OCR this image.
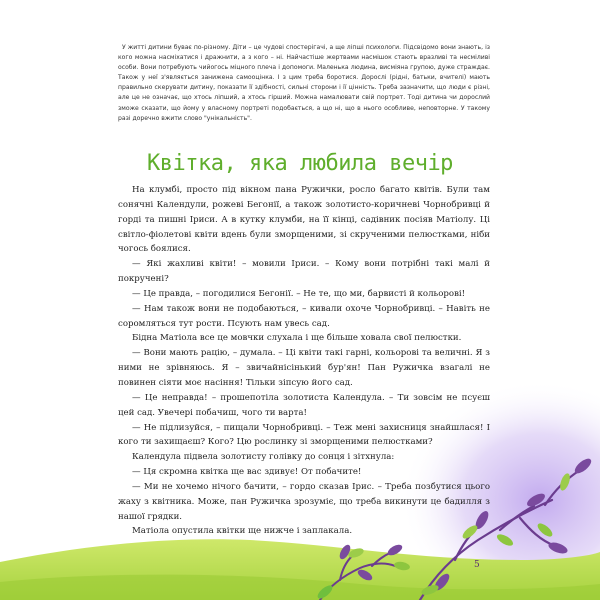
У житті дитини буває по-різному. Діти – це чудові спостерігачі, а ще ліпші психологи. Підсвідомо вони знають, із кого можна насміхатися і дражнити, а з кого – ні. Найчастіше жертвами насмішок стають вразливі та несміливі особи. Вони потребують чийогось міцного плеча і допомоги. Маленька людина, висміяна групою, дуже страждає. Також у неї з'являється занижена самооцінка. І з цим треба боротися. Дорослі (рідні, батьки, вчителі) мають правильно скерувати дитину, показати її здібності, сильні сторони і її цінність. Треба зазначити, що люди є різні, але це не означає, що хтось ліпший, а хтось гірший. Можна намалювати свій портрет. Тоді дитина чи дорослий зможе сказати, що йому у власному портреті подобається, а що ні, що в нього особливе, неповторне. У такому разі доречно вжити слово "унікальність".
Квітка, яка любила вечір

На клумбі, просто під вікном пана Ружички, росло багато квітів. Були там сонячні Календули, рожеві Бегонії, а також золотисто-коричневі Чорнобривці й горді та пишні Іриси. А в кутку клумби, на її кінці, садівник посіяв Матіолу. Ці світло-фіолетові квіти вдень були зморщеними, зі скрученими пелюстками, ніби чогось боялися.

— Які жахливі квіти! – мовили Іриси. – Кому вони потрібні такі малі й покручені?

— Це правда, – погодилися Бегонії. – Не те, що ми, барвисті й кольорові!

— Нам також вони не подобаються, – кивали охоче Чорнобривці. – Навіть не соромляться тут рости. Псують нам увесь сад.

Бідна Матіола все це мовчки слухала і ще більше ховала свої пелюстки.

— Вони мають рацію, – думала. – Ці квіти такі гарні, кольорові та величні. Я з ними не зрівняюсь. Я – звичайнісінький бур'ян! Пан Ружичка взагалі не повинен сіяти моє насіння! Тільки зіпсую його сад.

— Це неправда! – прошепотіла золотиста Календула. – Ти зовсім не псуєш цей сад. Увечері побачиш, чого ти варта!

— Не підлизуйся, – пищали Чорнобривці. – Теж мені захисниця знайшлася! І кого ти захищаєш? Кого? Цю рослинку зі зморщеними пелюстками?

Календула підвела золотисту голівку до сонця і зітхнула:

— Ця скромна квітка ще вас здивує! От побачите!

— Ми не хочемо нічого бачити, – гордо сказав Ірис. – Треба позбутися цього жаху з квітника. Може, пан Ружичка зрозуміє, що треба викинути це бадилля з нашої грядки.

Матіола опустила квітки ще нижче і заплакала.

5
